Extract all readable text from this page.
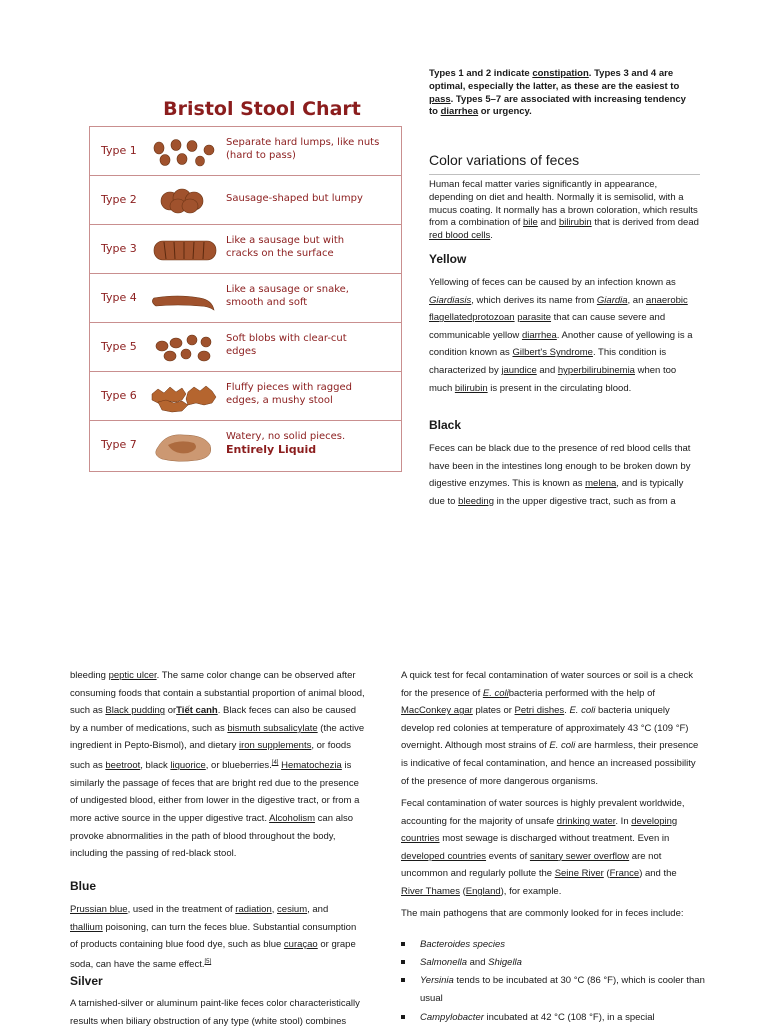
Bristol Stool Chart
Type 1
Separate hard lumps, like nuts
(hard to pass)
Type 2	Sausage-shaped but lumpy
Type 3
Like a sausage but with
cracks on the surface
Type 4
Like a sausage or snake,
smooth and soft
Type 5
Soft blobs with clear-cut
edges
Type 6
Fluffy pieces with ragged
edges, a mushy stool
Type 7
Watery, no solid pieces.
Entirely Liquid
Types 1 and 2 indicate constipation. Types 3 and 4 are optimal, especially the latter, as these are the easiest to pass. Types 5–7 are associated with increasing tendency to diarrhea or urgency.
Color variations of feces
Human fecal matter varies significantly in appearance, depending on diet and health. Normally it is semisolid, with a mucus coating. It normally has a brown coloration, which results from a combination of bile and bilirubin that is derived from dead red blood cells.
Yellow
Yellowing of feces can be caused by an infection known as Giardiasis, which derives its name from Giardia, an anaerobic flagellatedprotozoan parasite that can cause severe and communicable yellow diarrhea. Another cause of yellowing is a condition known as Gilbert's Syndrome. This condition is characterized by jaundice and hyperbilirubinemia when too much bilirubin is present in the circulating blood.
Black
Feces can be black due to the presence of red blood cells that have been in the intestines long enough to be broken down by digestive enzymes. This is known as melena, and is typically due to bleeding in the upper digestive tract, such as from a
bleeding peptic ulcer. The same color change can be observed after consuming foods that contain a substantial proportion of animal blood, such as Black pudding orTiết canh. Black feces can also be caused by a number of medications, such as bismuth subsalicylate (the active ingredient in Pepto-Bismol), and dietary iron supplements, or foods such as beetroot, black liquorice, or blueberries.[4] Hematochezia is similarly the passage of feces that are bright red due to the presence of undigested blood, either from lower in the digestive tract, or from a more active source in the upper digestive tract. Alcoholism can also provoke abnormalities in the path of blood throughout the body, including the passing of red-black stool.
Blue
Prussian blue, used in the treatment of radiation, cesium, and thallium poisoning, can turn the feces blue. Substantial consumption of products containing blue food dye, such as blue curaçao or grape soda, can have the same effect.[5]
Silver
A tarnished-silver or aluminum paint-like feces color characteristically results when biliary obstruction of any type (white stool) combines
A quick test for fecal contamination of water sources or soil is a check for the presence of E. colibacteria performed with the help of MacConkey agar plates or Petri dishes. E. coli bacteria uniquely develop red colonies at temperature of approximately 43 °C (109 °F) overnight. Although most strains of E. coli are harmless, their presence is indicative of fecal contamination, and hence an increased possibility of the presence of more dangerous organisms.
Fecal contamination of water sources is highly prevalent worldwide, accounting for the majority of unsafe drinking water. In developing countries most sewage is discharged without treatment. Even in developed countries events of sanitary sewer overflow are not uncommon and regularly pollute the Seine River (France) and the River Thames (England), for example.
The main pathogens that are commonly looked for in feces include:
Bacteroides species
Salmonella and Shigella
Yersinia tends to be incubated at 30 °C (86 °F), which is cooler than usual
Campylobacter incubated at 42 °C (108 °F), in a special
